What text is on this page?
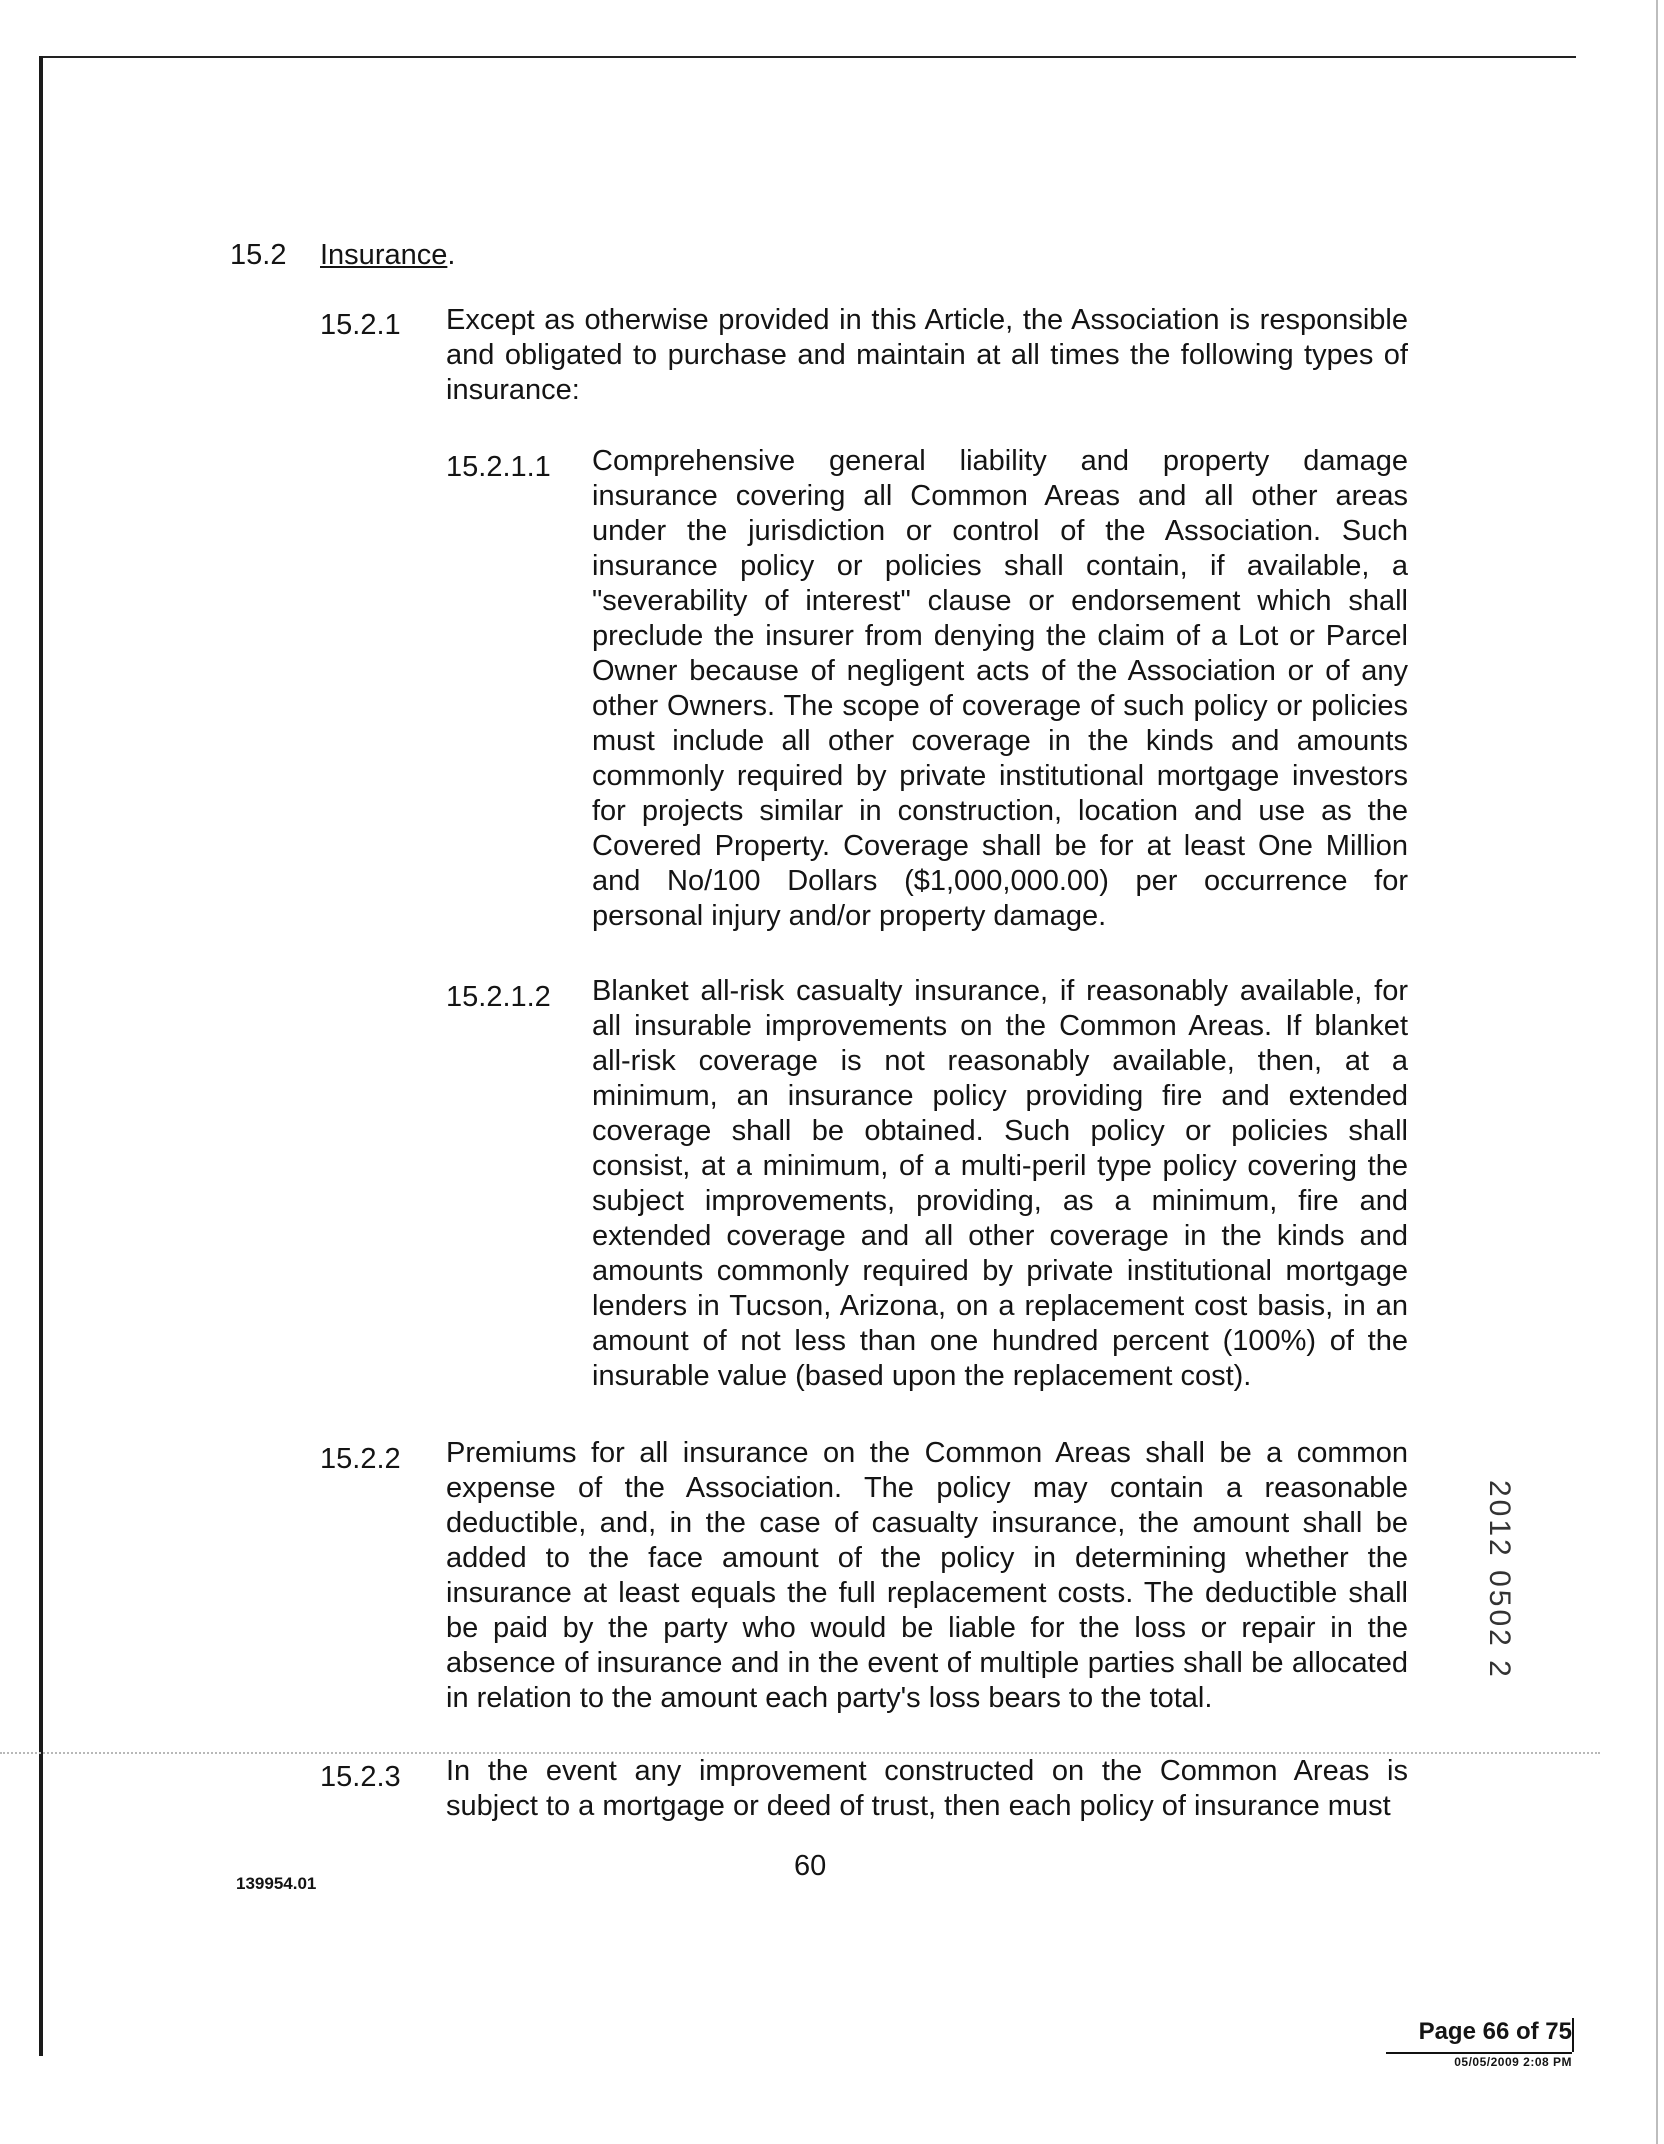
15.2 Insurance.
15.2.1 Except as otherwise provided in this Article, the Association is responsible and obligated to purchase and maintain at all times the following types of insurance:

15.2.1.1 Comprehensive general liability and property damage insurance covering all Common Areas and all other areas under the jurisdiction or control of the Association. Such insurance policy or policies shall contain, if available, a "severability of interest" clause or endorsement which shall preclude the insurer from denying the claim of a Lot or Parcel Owner because of negligent acts of the Association or of any other Owners. The scope of coverage of such policy or policies must include all other coverage in the kinds and amounts commonly required by private institutional mortgage investors for projects similar in construction, location and use as the Covered Property. Coverage shall be for at least One Million and No/100 Dollars ($1,000,000.00) per occurrence for personal injury and/or property damage.

15.2.1.2 Blanket all-risk casualty insurance, if reasonably available, for all insurable improvements on the Common Areas. If blanket all-risk coverage is not reasonably available, then, at a minimum, an insurance policy providing fire and extended coverage shall be obtained. Such policy or policies shall consist, at a minimum, of a multi-peril type policy covering the subject improvements, providing, as a minimum, fire and extended coverage and all other coverage in the kinds and amounts commonly required by private institutional mortgage lenders in Tucson, Arizona, on a replacement cost basis, in an amount of not less than one hundred percent (100%) of the insurable value (based upon the replacement cost).

15.2.2 Premiums for all insurance on the Common Areas shall be a common expense of the Association. The policy may contain a reasonable deductible, and, in the case of casualty insurance, the amount shall be added to the face amount of the policy in determining whether the insurance at least equals the full replacement costs. The deductible shall be paid by the party who would be liable for the loss or repair in the absence of insurance and in the event of multiple parties shall be allocated in relation to the amount each party's loss bears to the total.

15.2.3 In the event any improvement constructed on the Common Areas is subject to a mortgage or deed of trust, then each policy of insurance must

2012 0502 2
139954.01
60
Page 66 of 75
05/05/2009 2:08 PM
